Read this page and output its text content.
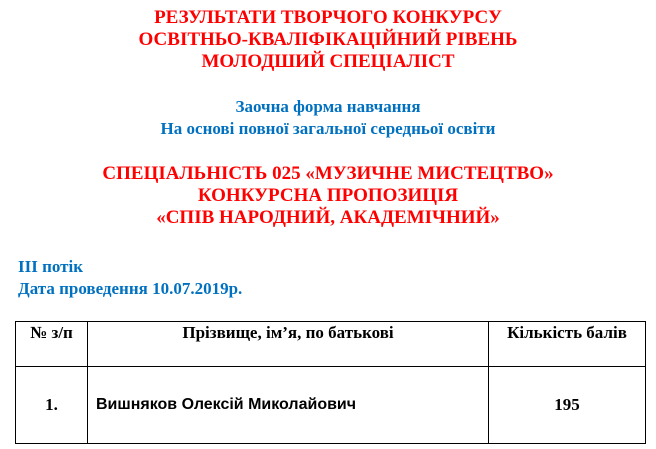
РЕЗУЛЬТАТИ ТВОРЧОГО КОНКУРСУ
ОСВІТНЬО-КВАЛІФІКАЦІЙНИЙ РІВЕНЬ
МОЛОДШИЙ СПЕЦІАЛІСТ
Заочна форма навчання
На основі повної загальної середньої освіти
СПЕЦІАЛЬНІСТЬ 025 «МУЗИЧНЕ МИСТЕЦТВО»
КОНКУРСНА ПРОПОЗИЦІЯ
«СПІВ НАРОДНИЙ, АКАДЕМІЧНИЙ»
ІІІ потік
Дата проведення 10.07.2019р.
№ з/п	Прізвище, ім’я, по батькові	Кількість балів
1.	Вишняков Олексій Миколайович	195
